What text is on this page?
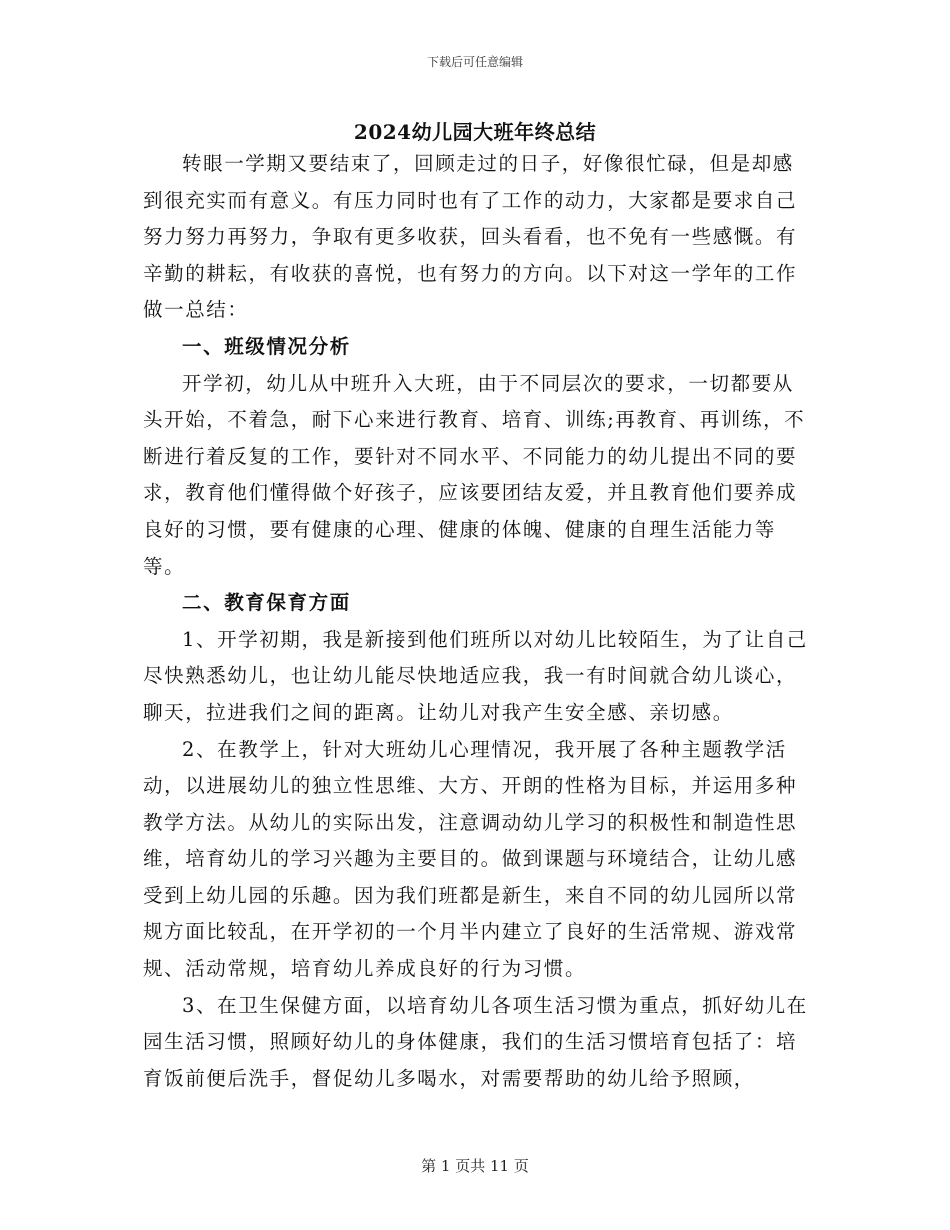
下载后可任意编辑
2024幼儿园大班年终总结

转眼一学期又要结束了，回顾走过的日子，好像很忙碌，但是却感到很充实而有意义。有压力同时也有了工作的动力，大家都是要求自己努力努力再努力，争取有更多收获，回头看看，也不免有一些感慨。有辛勤的耕耘，有收获的喜悦，也有努力的方向。以下对这一学年的工作做一总结：

一、班级情况分析

开学初，幼儿从中班升入大班，由于不同层次的要求，一切都要从头开始，不着急，耐下心来进行教育、培育、训练;再教育、再训练，不断进行着反复的工作，要针对不同水平、不同能力的幼儿提出不同的要求，教育他们懂得做个好孩子，应该要团结友爱，并且教育他们要养成良好的习惯，要有健康的心理、健康的体魄、健康的自理生活能力等等。

二、教育保育方面

1、开学初期，我是新接到他们班所以对幼儿比较陌生，为了让自己尽快熟悉幼儿，也让幼儿能尽快地适应我，我一有时间就合幼儿谈心，聊天，拉进我们之间的距离。让幼儿对我产生安全感、亲切感。

2、在教学上，针对大班幼儿心理情况，我开展了各种主题教学活动，以进展幼儿的独立性思维、大方、开朗的性格为目标，并运用多种教学方法。从幼儿的实际出发，注意调动幼儿学习的积极性和制造性思维，培育幼儿的学习兴趣为主要目的。做到课题与环境结合，让幼儿感受到上幼儿园的乐趣。因为我们班都是新生，来自不同的幼儿园所以常规方面比较乱，在开学初的一个月半内建立了良好的生活常规、游戏常规、活动常规，培育幼儿养成良好的行为习惯。

3、在卫生保健方面，以培育幼儿各项生活习惯为重点，抓好幼儿在园生活习惯，照顾好幼儿的身体健康，我们的生活习惯培育包括了：培育饭前便后洗手，督促幼儿多喝水，对需要帮助的幼儿给予照顾，

第 1 页共 11 页
